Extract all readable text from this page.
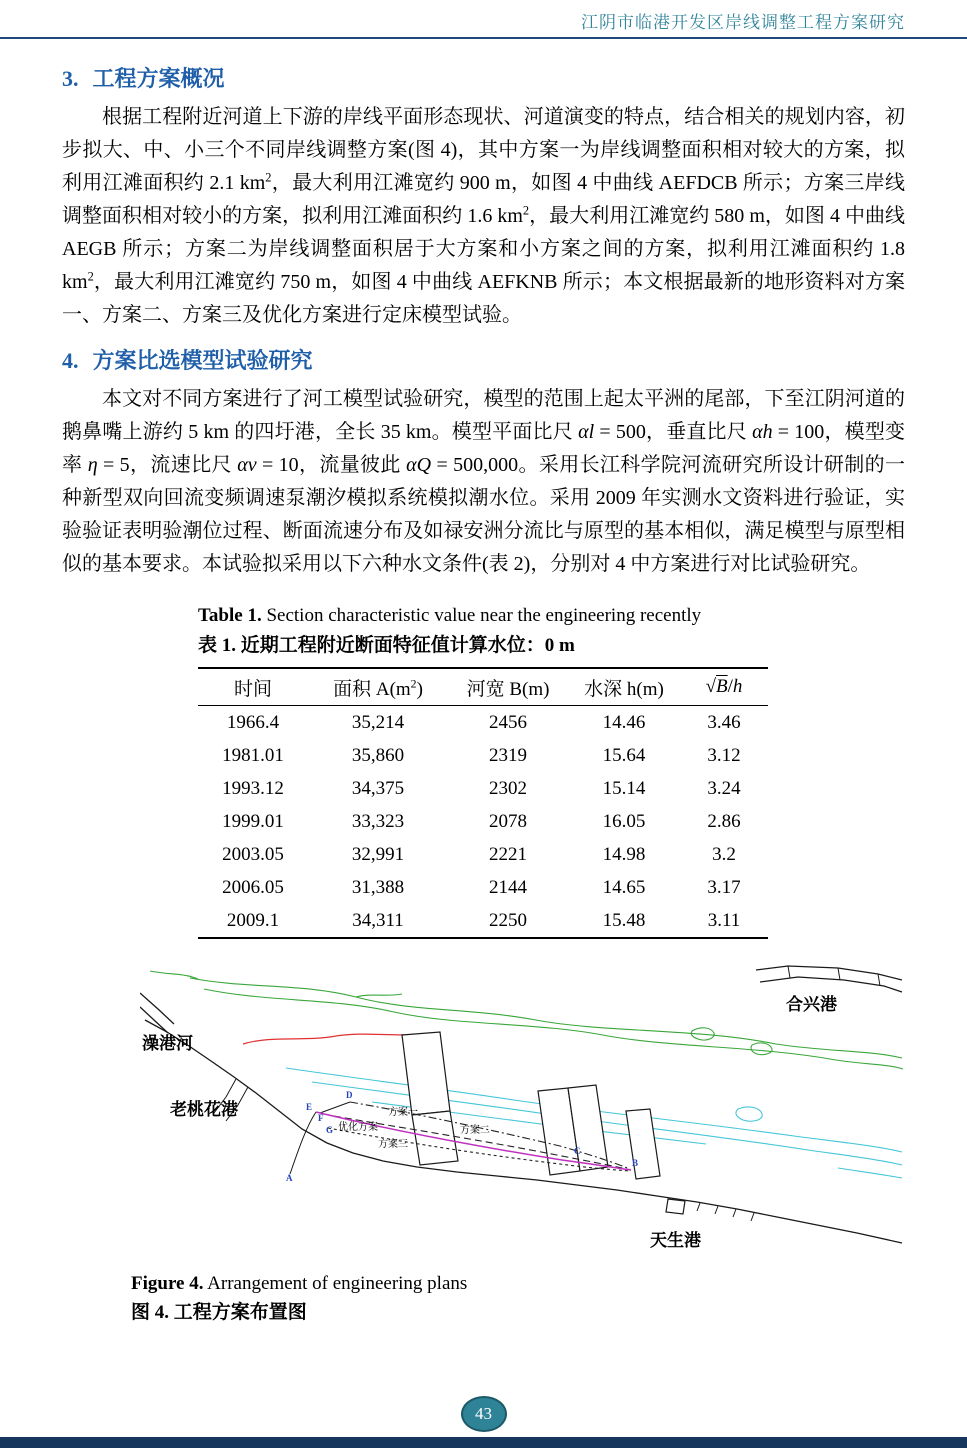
江阴市临港开发区岸线调整工程方案研究
3. 工程方案概况

根据工程附近河道上下游的岸线平面形态现状、河道演变的特点，结合相关的规划内容，初步拟大、中、小三个不同岸线调整方案(图 4)，其中方案一为岸线调整面积相对较大的方案，拟利用江滩面积约 2.1 $km^2$，最大利用江滩宽约 900 m，如图 4 中曲线 AEFDCB 所示；方案三岸线调整面积相对较小的方案，拟利用江滩面积约 1.6 $km^2$，最大利用江滩宽约 580 m，如图 4 中曲线 AEGB 所示；方案二为岸线调整面积居于大方案和小方案之间的方案，拟利用江滩面积约 1.8 $km^2$，最大利用江滩宽约 750 m，如图 4 中曲线 AEFKNB 所示；本文根据最新的地形资料对方案一、方案二、方案三及优化方案进行定床模型试验。

4. 方案比选模型试验研究

本文对不同方案进行了河工模型试验研究，模型的范围上起太平洲的尾部，下至江阴河道的鹅鼻嘴上游约 5 km 的四圩港，全长 35 km。模型平面比尺 αl = 500，垂直比尺 αh = 100，模型变率 η = 5，流速比尺 αv = 10，流量彼此 αQ = 500,000。采用长江科学院河流研究所设计研制的一种新型双向回流变频调速泵潮汐模拟系统模拟潮水位。采用 2009 年实测水文资料进行验证，实验验证表明验潮位过程、断面流速分布及如禄安洲分流比与原型的基本相似，满足模型与原型相似的基本要求。本试验拟采用以下六种水文条件(表 2)，分别对 4 中方案进行对比试验研究。

Table 1. Section characteristic value near the engineering recently
表 1. 近期工程附近断面特征值计算水位：0 m
时间	面积 $A(m^2)$	河宽 B(m)	水深 h(m)	√B/h
1966.4	35,214	2456	14.46	3.46
1981.01	35,860	2319	15.64	3.12
1993.12	34,375	2302	15.14	3.24
1999.01	33,323	2078	16.05	2.86
2003.05	32,991	2221	14.98	3.2
2006.05	31,388	2144	14.65	3.17
2009.1	34,311	2250	15.48	3.11
澡港河
老桃花港
合兴港
天生港
方案一
方案二
方案三
优化方案
A
B
C
D
E
F
G
Figure 4. Arrangement of engineering plans
图 4. 工程方案布置图
43
